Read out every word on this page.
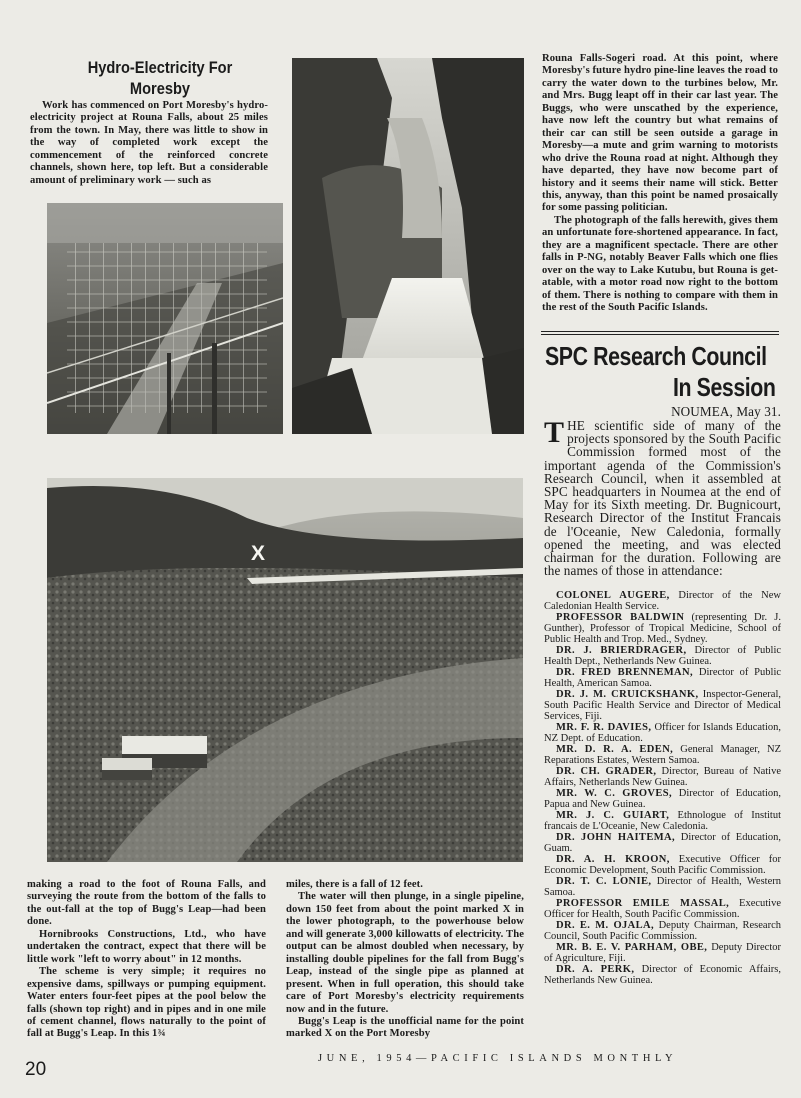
Hydro-Electricity For
Moresby

Work has commenced on Port Moresby's hydro-electricity project at Rouna Falls, about 25 miles from the town. In May, there was little to show in the way of completed work except the commencement of the reinforced concrete channels, shown here, top left. But a considerable amount of preliminary work — such as

X

making a road to the foot of Rouna Falls, and surveying the route from the bottom of the falls to the out-fall at the top of Bugg's Leap—had been done.

Hornibrooks Constructions, Ltd., who have undertaken the contract, expect that there will be little work "left to worry about" in 12 months.

The scheme is very simple; it requires no expensive dams, spillways or pumping equipment. Water enters four-feet pipes at the pool below the falls (shown top right) and in pipes and in one mile of cement channel, flows naturally to the point of fall at Bugg's Leap. In this 1¾

miles, there is a fall of 12 feet.

The water will then plunge, in a single pipeline, down 150 feet from about the point marked X in the lower photograph, to the powerhouse below and will generate 3,000 killowatts of electricity. The output can be almost doubled when necessary, by installing double pipelines for the fall from Bugg's Leap, instead of the single pipe as planned at present. When in full operation, this should take care of Port Moresby's electricity requirements now and in the future.

Bugg's Leap is the unofficial name for the point marked X on the Port Moresby

Rouna Falls-Sogeri road. At this point, where Moresby's future hydro pine-line leaves the road to carry the water down to the turbines below, Mr. and Mrs. Bugg leapt off in their car last year. The Buggs, who were unscathed by the experience, have now left the country but what remains of their car can still be seen outside a garage in Moresby—a mute and grim warning to motorists who drive the Rouna road at night. Although they have departed, they have now become part of history and it seems their name will stick. Better this, anyway, than this point be named prosaically for some passing politician.

The photograph of the falls herewith, gives them an unfortunate fore-shortened appearance. In fact, they are a magnificent spectacle. There are other falls in P-NG, notably Beaver Falls which one flies over on the way to Lake Kutubu, but Rouna is get-atable, with a motor road now right to the bottom of them. There is nothing to compare with them in the rest of the South Pacific Islands.

SPC Research Council
In Session
NOUMEA, May 31.

THE scientific side of many of the projects sponsored by the South Pacific Commission formed most of the important agenda of the Commission's Research Council, when it assembled at SPC headquarters in Noumea at the end of May for its Sixth meeting. Dr. Bugnicourt, Research Director of the Institut Francais de l'Oceanie, New Caledonia, formally opened the meeting, and was elected chairman for the duration. Following are the names of those in attendance:

COLONEL AUGERE, Director of the New Caledonian Health Service.

PROFESSOR BALDWIN (representing Dr. J. Gunther), Professor of Tropical Medicine, School of Public Health and Trop. Med., Sydney.

DR. J. BRIERDRAGER, Director of Public Health Dept., Netherlands New Guinea.

DR. FRED BRENNEMAN, Director of Public Health, American Samoa.

DR. J. M. CRUICKSHANK, Inspector-General, South Pacific Health Service and Director of Medical Services, Fiji.

MR. F. R. DAVIES, Officer for Islands Education, NZ Dept. of Education.

MR. D. R. A. EDEN, General Manager, NZ Reparations Estates, Western Samoa.

DR. CH. GRADER, Director, Bureau of Native Affairs, Netherlands New Guinea.

MR. W. C. GROVES, Director of Education, Papua and New Guinea.

MR. J. C. GUIART, Ethnologue of Institut francais de L'Oceanie, New Caledonia.

DR. JOHN HAITEMA, Director of Education, Guam.

DR. A. H. KROON, Executive Officer for Economic Development, South Pacific Commission.

DR. T. C. LONIE, Director of Health, Western Samoa.

PROFESSOR EMILE MASSAL, Executive Officer for Health, South Pacific Commission.

DR. E. M. OJALA, Deputy Chairman, Research Council, South Pacific Commission.

MR. B. E. V. PARHAM, OBE, Deputy Director of Agriculture, Fiji.

DR. A. PERK, Director of Economic Affairs, Netherlands New Guinea.

20
JUNE, 1954—PACIFIC ISLANDS MONTHLY
